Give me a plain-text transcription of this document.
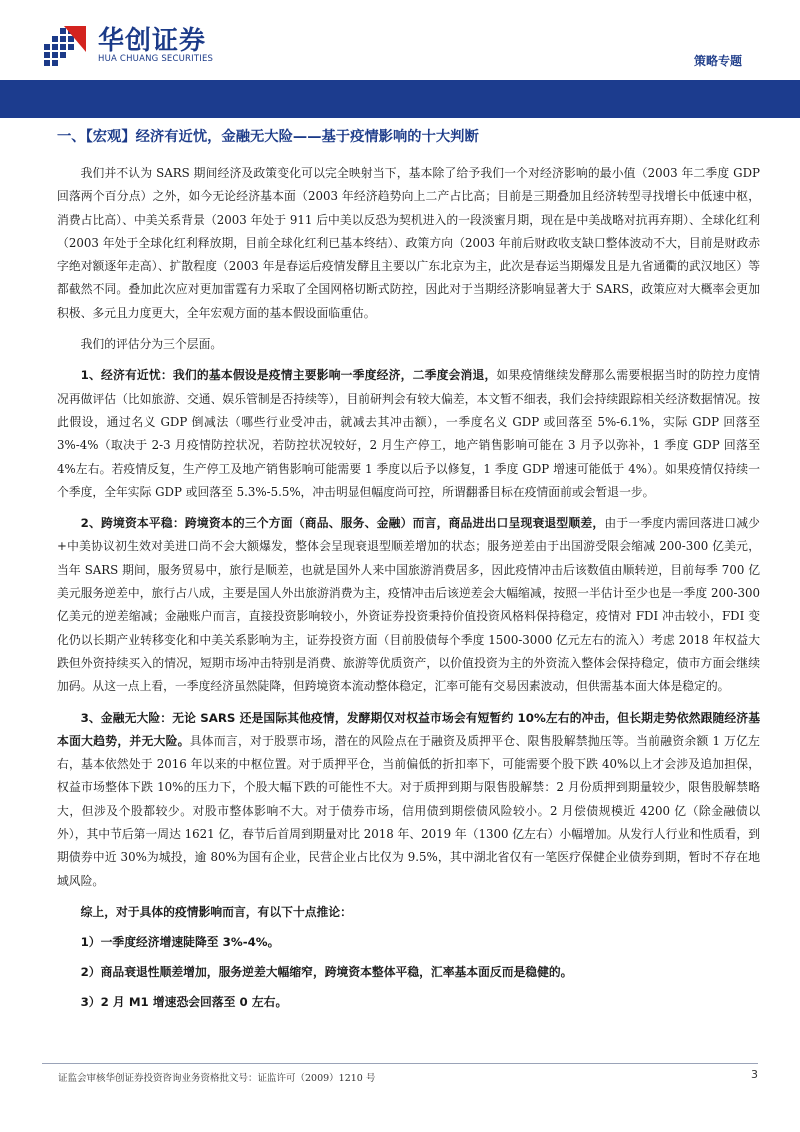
华创证券
HUA CHUANG SECURITIES	策略专题
一、【宏观】经济有近忧，金融无大险——基于疫情影响的十大判断

我们并不认为 SARS 期间经济及政策变化可以完全映射当下，基本除了给予我们一个对经济影响的最小值（2003 年二季度 GDP 回落两个百分点）之外，如今无论经济基本面（2003 年经济趋势向上二产占比高；目前是三期叠加且经济转型寻找增长中低速中枢，消费占比高）、中美关系背景（2003 年处于 911 后中美以反恐为契机进入的一段淡蜜月期，现在是中美战略对抗再弃期）、全球化红利（2003 年处于全球化红利释放期，目前全球化红利已基本终结）、政策方向（2003 年前后财政收支缺口整体波动不大，目前是财政赤字绝对额逐年走高）、扩散程度（2003 年是春运后疫情发酵且主要以广东北京为主，此次是春运当期爆发且是九省通衢的武汉地区）等都截然不同。叠加此次应对更加雷霆有力采取了全国网格切断式防控，因此对于当期经济影响显著大于 SARS，政策应对大概率会更加积极、多元且力度更大，全年宏观方面的基本假设面临重估。

我们的评估分为三个层面。

1、经济有近忧：我们的基本假设是疫情主要影响一季度经济，二季度会消退，如果疫情继续发酵那么需要根据当时的防控力度情况再做评估（比如旅游、交通、娱乐管制是否持续等），目前研判会有较大偏差，本文暂不细表，我们会持续跟踪相关经济数据情况。按此假设，通过名义 GDP 倒减法（哪些行业受冲击，就减去其冲击额），一季度名义 GDP 或回落至 5%-6.1%，实际 GDP 回落至 3%-4%（取决于 2-3 月疫情防控状况，若防控状况较好，2 月生产停工，地产销售影响可能在 3 月予以弥补，1 季度 GDP 回落至 4%左右。若疫情反复，生产停工及地产销售影响可能需要 1 季度以后予以修复，1 季度 GDP 增速可能低于 4%）。如果疫情仅持续一个季度，全年实际 GDP 或回落至 5.3%-5.5%，冲击明显但幅度尚可控，所谓翻番目标在疫情面前或会暂退一步。

2、跨境资本平稳：跨境资本的三个方面（商品、服务、金融）而言，商品进出口呈现衰退型顺差，由于一季度内需回落进口减少+中美协议初生效对美进口尚不会大额爆发，整体会呈现衰退型顺差增加的状态；服务逆差由于出国游受限会缩减 200-300 亿美元，当年 SARS 期间，服务贸易中，旅行是顺差，也就是国外人来中国旅游消费居多，因此疫情冲击后该数值由顺转逆，目前每季 700 亿美元服务逆差中，旅行占八成，主要是国人外出旅游消费为主，疫情冲击后该逆差会大幅缩减，按照一半估计至少也是一季度 200-300 亿美元的逆差缩减；金融账户而言，直接投资影响较小，外资证券投资秉持价值投资风格料保持稳定，疫情对 FDI 冲击较小，FDI 变化仍以长期产业转移变化和中美关系影响为主，证券投资方面（目前股债每个季度 1500-3000 亿元左右的流入）考虑 2018 年权益大跌但外资持续买入的情况，短期市场冲击特别是消费、旅游等优质资产，以价值投资为主的外资流入整体会保持稳定，债市方面会继续加码。从这一点上看，一季度经济虽然陡降，但跨境资本流动整体稳定，汇率可能有交易因素波动，但供需基本面大体是稳定的。

3、金融无大险：无论 SARS 还是国际其他疫情，发酵期仅对权益市场会有短暂约 10%左右的冲击，但长期走势依然跟随经济基本面大趋势，并无大险。具体而言，对于股票市场，潜在的风险点在于融资及质押平仓、限售股解禁抛压等。当前融资余额 1 万亿左右，基本依然处于 2016 年以来的中枢位置。对于质押平仓，当前偏低的折扣率下，可能需要个股下跌 40%以上才会涉及追加担保，权益市场整体下跌 10%的压力下，个股大幅下跌的可能性不大。对于质押到期与限售股解禁：2 月份质押到期量较少，限售股解禁略大，但涉及个股都较少。对股市整体影响不大。对于债券市场，信用债到期偿债风险较小。2 月偿债规模近 4200 亿（除金融债以外），其中节后第一周达 1621 亿，春节后首周到期量对比 2018 年、2019 年（1300 亿左右）小幅增加。从发行人行业和性质看，到期债券中近 30%为城投，逾 80%为国有企业，民营企业占比仅为 9.5%，其中湖北省仅有一笔医疗保健企业债券到期，暂时不存在地域风险。

综上，对于具体的疫情影响而言，有以下十点推论：

1）一季度经济增速陡降至 3%-4%。

2）商品衰退性顺差增加，服务逆差大幅缩窄，跨境资本整体平稳，汇率基本面反而是稳健的。

3）2 月 M1 增速恐会回落至 0 左右。

证监会审核华创证券投资咨询业务资格批文号：证监许可（2009）1210 号	3
